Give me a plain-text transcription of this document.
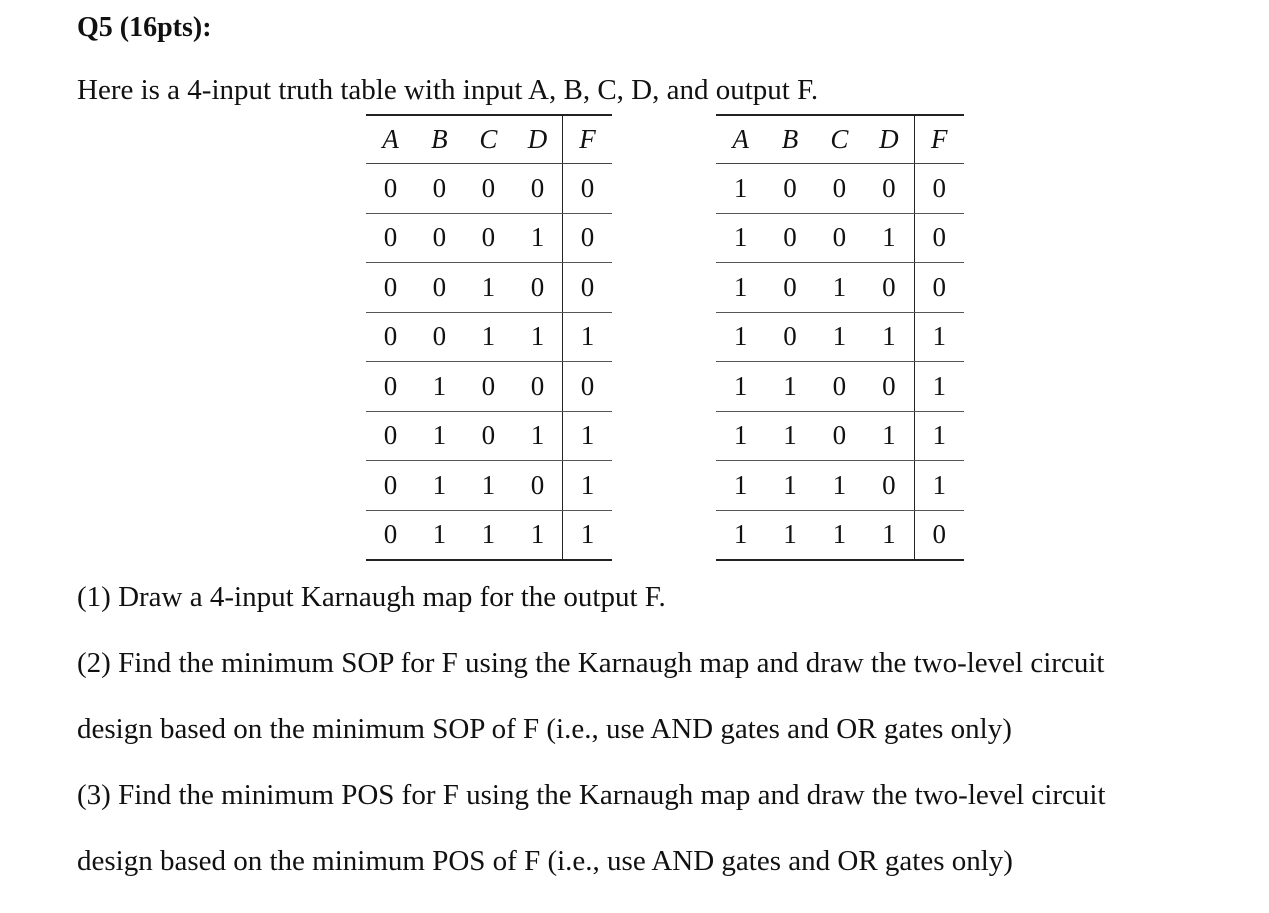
Q5 (16pts):

Here is a 4-input truth table with input A, B, C, D, and output F.

A	B	C	D	F
0	0	0	0	0
0	0	0	1	0
0	0	1	0	0
0	0	1	1	1
0	1	0	0	0
0	1	0	1	1
0	1	1	0	1
0	1	1	1	1
A	B	C	D	F
1	0	0	0	0
1	0	0	1	0
1	0	1	0	0
1	0	1	1	1
1	1	0	0	1
1	1	0	1	1
1	1	1	0	1
1	1	1	1	0

(1) Draw a 4-input Karnaugh map for the output F.

(2) Find the minimum SOP for F using the Karnaugh map and draw the two-level circuit

design based on the minimum SOP of F (i.e., use AND gates and OR gates only)

(3) Find the minimum POS for F using the Karnaugh map and draw the two-level circuit

design based on the minimum POS of F (i.e., use AND gates and OR gates only)
